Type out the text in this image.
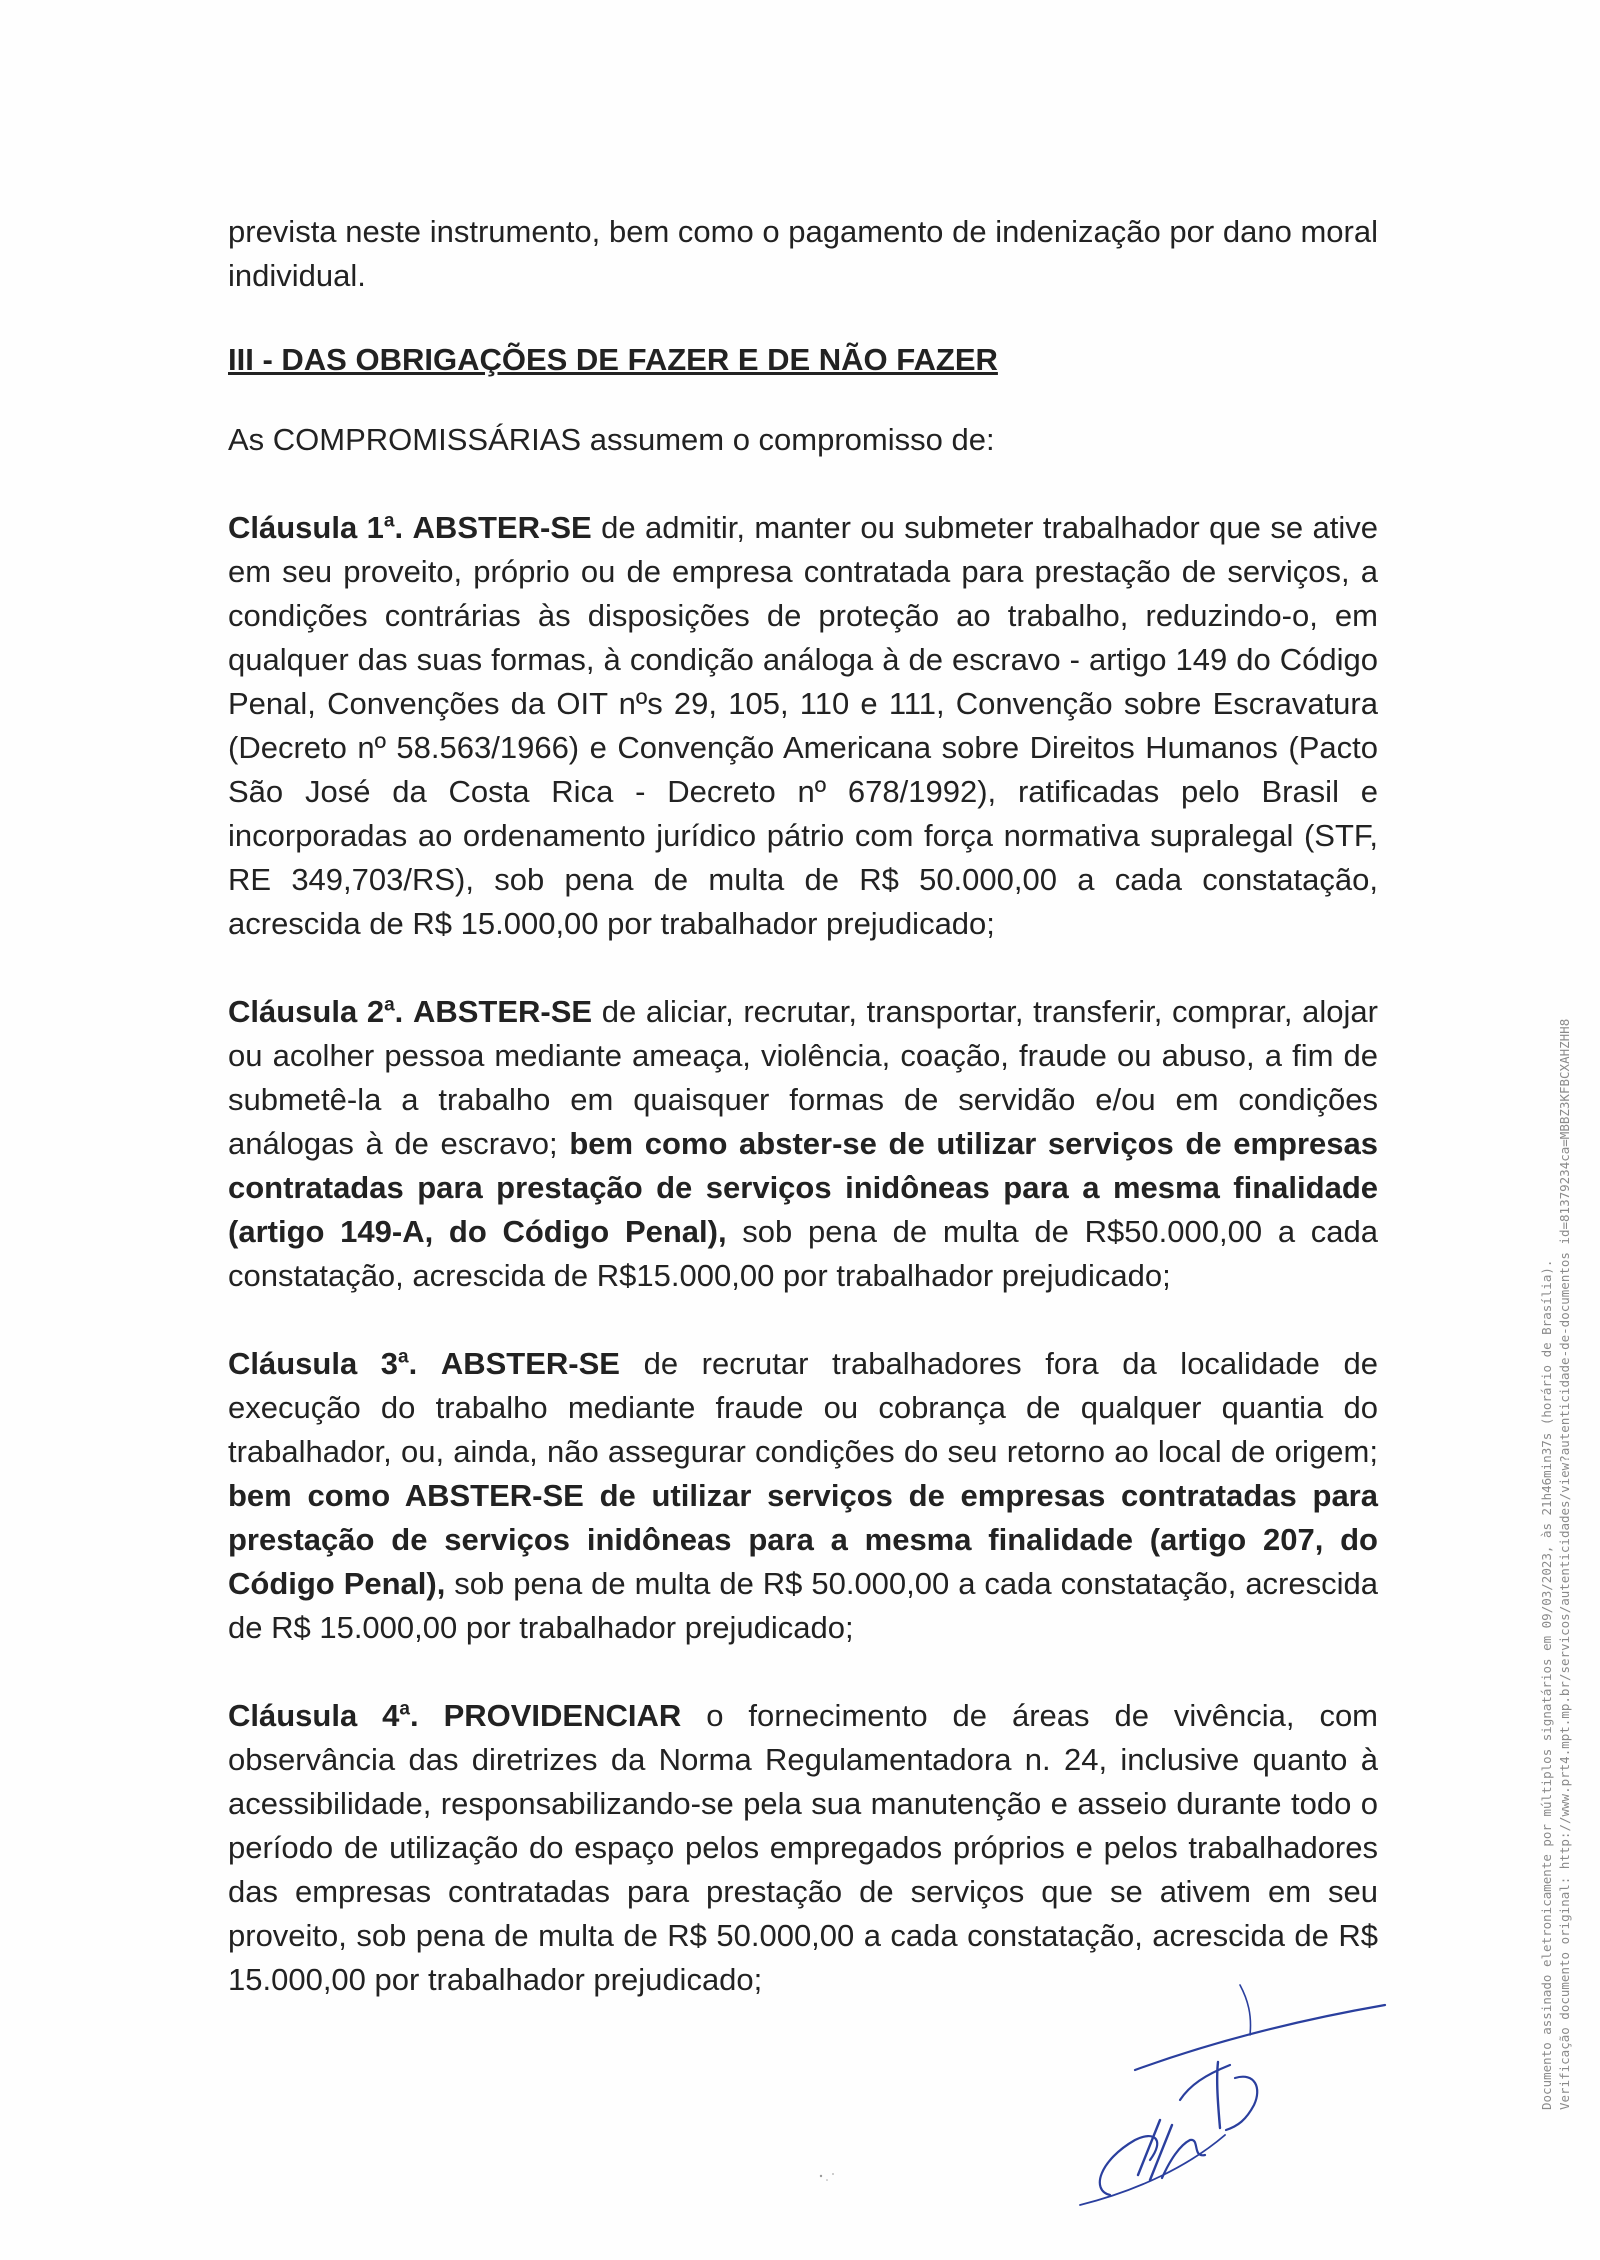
prevista neste instrumento, bem como o pagamento de indenização por dano moral individual.

III - DAS OBRIGAÇÕES DE FAZER E DE NÃO FAZER

As COMPROMISSÁRIAS assumem o compromisso de:

Cláusula 1$^a$. ABSTER-SE de admitir, manter ou submeter trabalhador que se ative em seu proveito, próprio ou de empresa contratada para prestação de serviços, a condições contrárias às disposições de proteção ao trabalho, reduzindo-o, em qualquer das suas formas, à condição análoga à de escravo - artigo 149 do Código Penal, Convenções da OIT nºs 29, 105, 110 e 111, Convenção sobre Escravatura (Decreto nº 58.563/1966) e Convenção Americana sobre Direitos Humanos (Pacto São José da Costa Rica - Decreto nº 678/1992), ratificadas pelo Brasil e incorporadas ao ordenamento jurídico pátrio com força normativa supralegal (STF, RE 349,703/RS), sob pena de multa de R$ 50.000,00 a cada constatação, acrescida de R$ 15.000,00 por trabalhador prejudicado;

Cláusula 2$^a$. ABSTER-SE de aliciar, recrutar, transportar, transferir, comprar, alojar ou acolher pessoa mediante ameaça, violência, coação, fraude ou abuso, a fim de submetê-la a trabalho em quaisquer formas de servidão e/ou em condições análogas à de escravo; bem como abster-se de utilizar serviços de empresas contratadas para prestação de serviços inidôneas para a mesma finalidade (artigo 149-A, do Código Penal), sob pena de multa de R$50.000,00 a cada constatação, acrescida de R$15.000,00 por trabalhador prejudicado;

Cláusula 3$^a$. ABSTER-SE de recrutar trabalhadores fora da localidade de execução do trabalho mediante fraude ou cobrança de qualquer quantia do trabalhador, ou, ainda, não assegurar condições do seu retorno ao local de origem; bem como ABSTER-SE de utilizar serviços de empresas contratadas para prestação de serviços inidôneas para a mesma finalidade (artigo 207, do Código Penal), sob pena de multa de R$ 50.000,00 a cada constatação, acrescida de R$ 15.000,00 por trabalhador prejudicado;

Cláusula 4$^a$. PROVIDENCIAR o fornecimento de áreas de vivência, com observância das diretrizes da Norma Regulamentadora n. 24, inclusive quanto à acessibilidade, responsabilizando-se pela sua manutenção e asseio durante todo o período de utilização do espaço pelos empregados próprios e pelos trabalhadores das empresas contratadas para prestação de serviços que se ativem em seu proveito, sob pena de multa de R$ 50.000,00 a cada constatação, acrescida de R$ 15.000,00 por trabalhador prejudicado;	Documento assinado eletronicamente por múltiplos signatários em 09/03/2023, às 21h46min37s (horário de Brasília). Verificação documento original: http://www.prt4.mpt.mp.br/servicos/autenticidades/view?autenticidade-de-documentos id=81379234ca=MBBZ3KFBCXAHZHH8
